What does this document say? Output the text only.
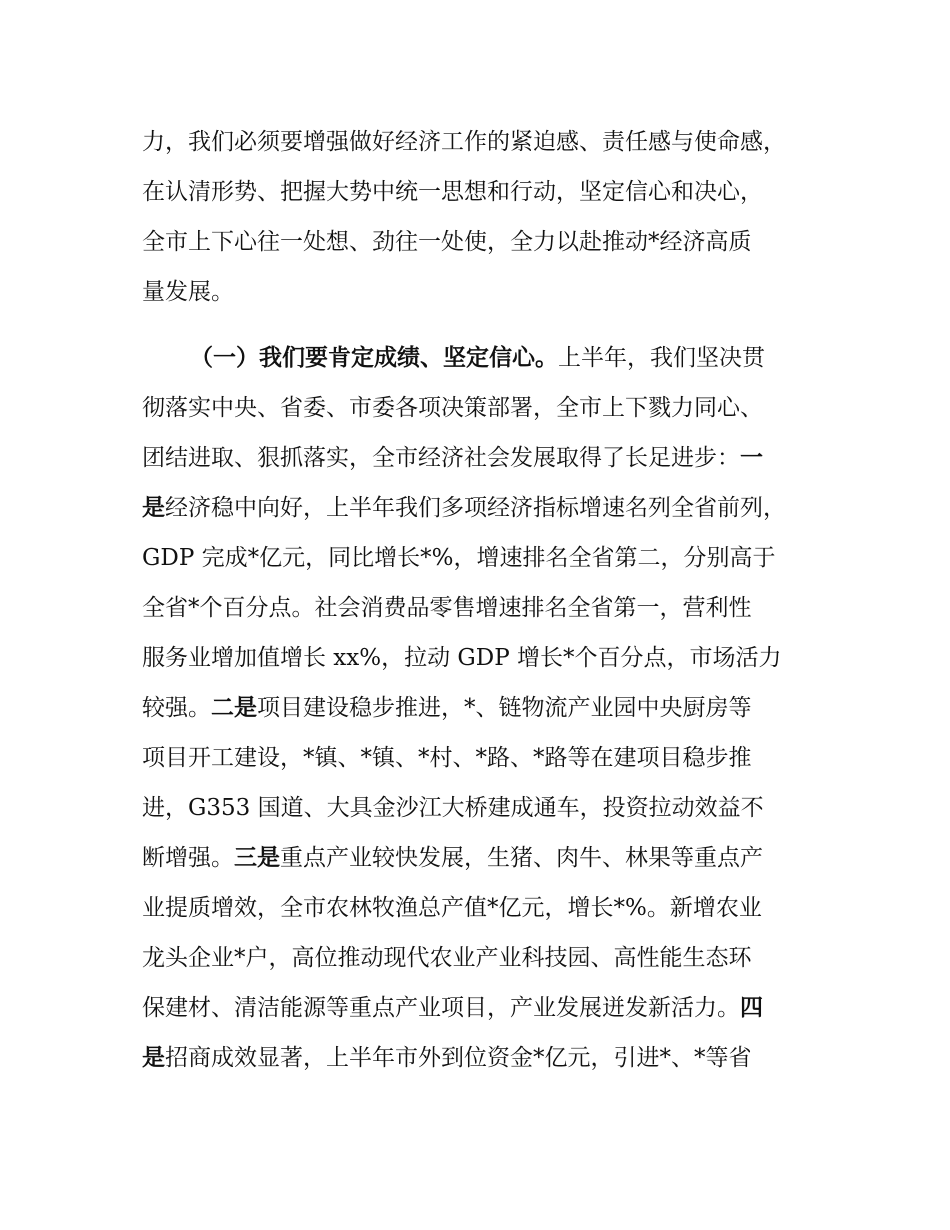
力，我们必须要增强做好经济工作的紧迫感、责任感与使命感，
在认清形势、把握大势中统一思想和行动，坚定信心和决心，
全市上下心往一处想、劲往一处使，全力以赴推动*经济高质
量发展。
（一）我们要肯定成绩、坚定信心。上半年，我们坚决贯
彻落实中央、省委、市委各项决策部署，全市上下戮力同心、
团结进取、狠抓落实，全市经济社会发展取得了长足进步：一
是经济稳中向好，上半年我们多项经济指标增速名列全省前列，
GDP 完成*亿元，同比增长*%，增速排名全省第二，分别高于
全省*个百分点。社会消费品零售增速排名全省第一，营利性
服务业增加值增长 xx%，拉动 GDP 增长*个百分点，市场活力
较强。二是项目建设稳步推进，*、链物流产业园中央厨房等
项目开工建设，*镇、*镇、*村、*路、*路等在建项目稳步推
进，G353 国道、大具金沙江大桥建成通车，投资拉动效益不
断增强。三是重点产业较快发展，生猪、肉牛、林果等重点产
业提质增效，全市农林牧渔总产值*亿元，增长*%。新增农业
龙头企业*户，高位推动现代农业产业科技园、高性能生态环
保建材、清洁能源等重点产业项目，产业发展迸发新活力。四
是招商成效显著，上半年市外到位资金*亿元，引进*、*等省
